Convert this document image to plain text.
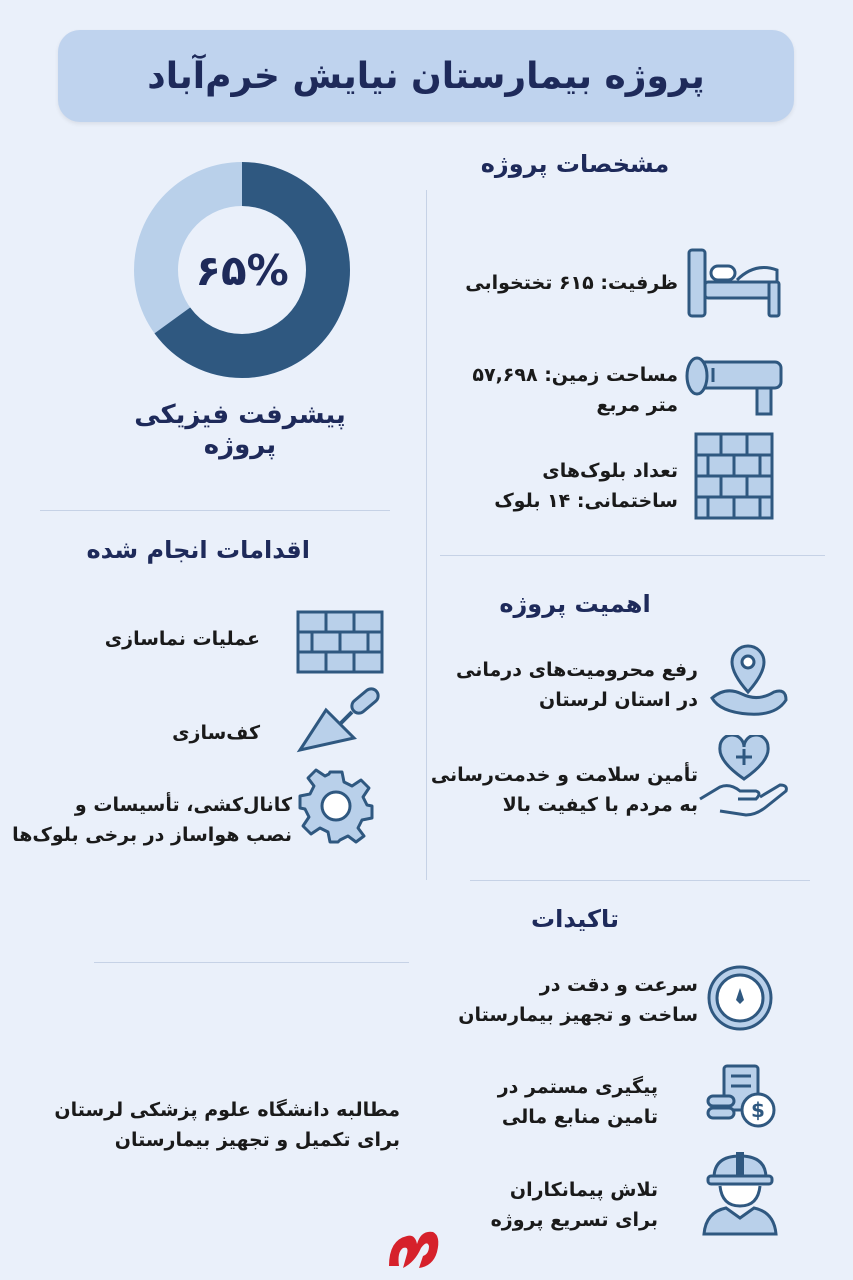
پروژه بیمارستان نیایش خرم‌آباد
۶۵%
پیشرفت فیزیکی پروژه
مشخصات پروژه
ظرفیت: ۶۱۵ تختخوابی
مساحت زمین: ۵۷,۶۹۸
متر مربع
تعداد بلوک‌های
ساختمانی: ۱۴ بلوک
اهمیت پروژه
رفع محرومیت‌های درمانی
در استان لرستان
تأمین سلامت و خدمت‌رسانی
به مردم با کیفیت بالا
تاکیدات
سرعت و دقت در
ساخت و تجهیز بیمارستان
پیگیری مستمر در
تامین منابع مالی	$
تلاش پیمانکاران
برای تسریع پروژه
اقدامات انجام شده
عملیات نماسازی
کف‌سازی
کانال‌کشی، تأسیسات و
نصب هواساز در برخی بلوک‌ها
مطالبه دانشگاه علوم پزشکی لرستان
برای تکمیل و تجهیز بیمارستان
